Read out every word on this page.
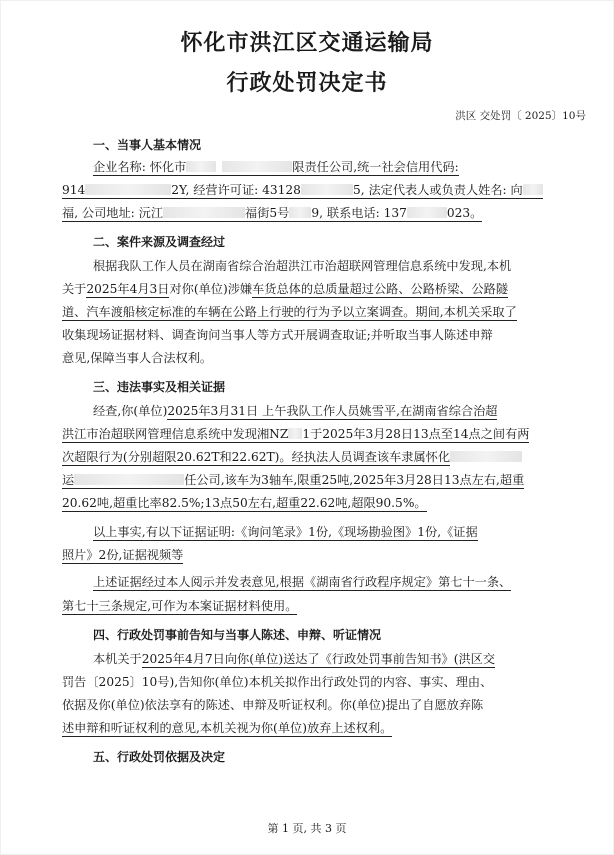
怀化市洪江区交通运输局
行政处罚决定书
洪区 交处罚〔 2025〕10号
一、当事人基本情况
企业名称: 怀化市	限责任公司,统一社会信用代码:
914	2Y, 经营许可证: 43128	5, 法定代表人或负责人姓名: 向
福, 公司地址: 沅江	福街5号 9, 联系电话: 137	023。
二、案件来源及调查经过
根据我队工作人员在湖南省综合治超洪江市治超联网管理信息系统中发现,本机
关于2025年4月3日对你(单位)涉嫌车货总体的总质量超过公路、公路桥梁、公路隧
道、汽车渡船核定标准的车辆在公路上行驶的行为予以立案调查。期间,本机关采取了
收集现场证据材料、调查询问当事人等方式开展调查取证;并听取当事人陈述申辩
意见,保障当事人合法权利。
三、违法事实及相关证据
经查,你(单位)2025年3月31日 上午我队工作人员姚雪平,在湖南省综合治超
洪江市治超联网管理信息系统中发现湘NZ 1于2025年3月28日13点至14点之间有两
次超限行为(分别超限20.62T和22.62T)。经执法人员调查该车隶属怀化
运	任公司,该车为3轴车,限重25吨,2025年3月28日13点左右,超重
20.62吨,超重比率82.5%;13点50左右,超重22.62吨,超限90.5%。
以上事实,有以下证据证明:《询问笔录》1份,《现场勘验图》1份,《证据
照片》2份,证据视频等
上述证据经过本人阅示并发表意见,根据《湖南省行政程序规定》第七十一条、
第七十三条规定,可作为本案证据材料使用。
四、行政处罚事前告知与当事人陈述、申辩、听证情况
本机关于2025年4月7日向你(单位)送达了《行政处罚事前告知书》(洪区交
罚告〔2025〕10号),告知你(单位)本机关拟作出行政处罚的内容、事实、理由、
依据及你(单位)依法享有的陈述、申辩及听证权利。你(单位)提出了自愿放弃陈
述申辩和听证权利的意见,本机关视为你(单位)放弃上述权利。
五、行政处罚依据及决定
第 1 页, 共 3 页
